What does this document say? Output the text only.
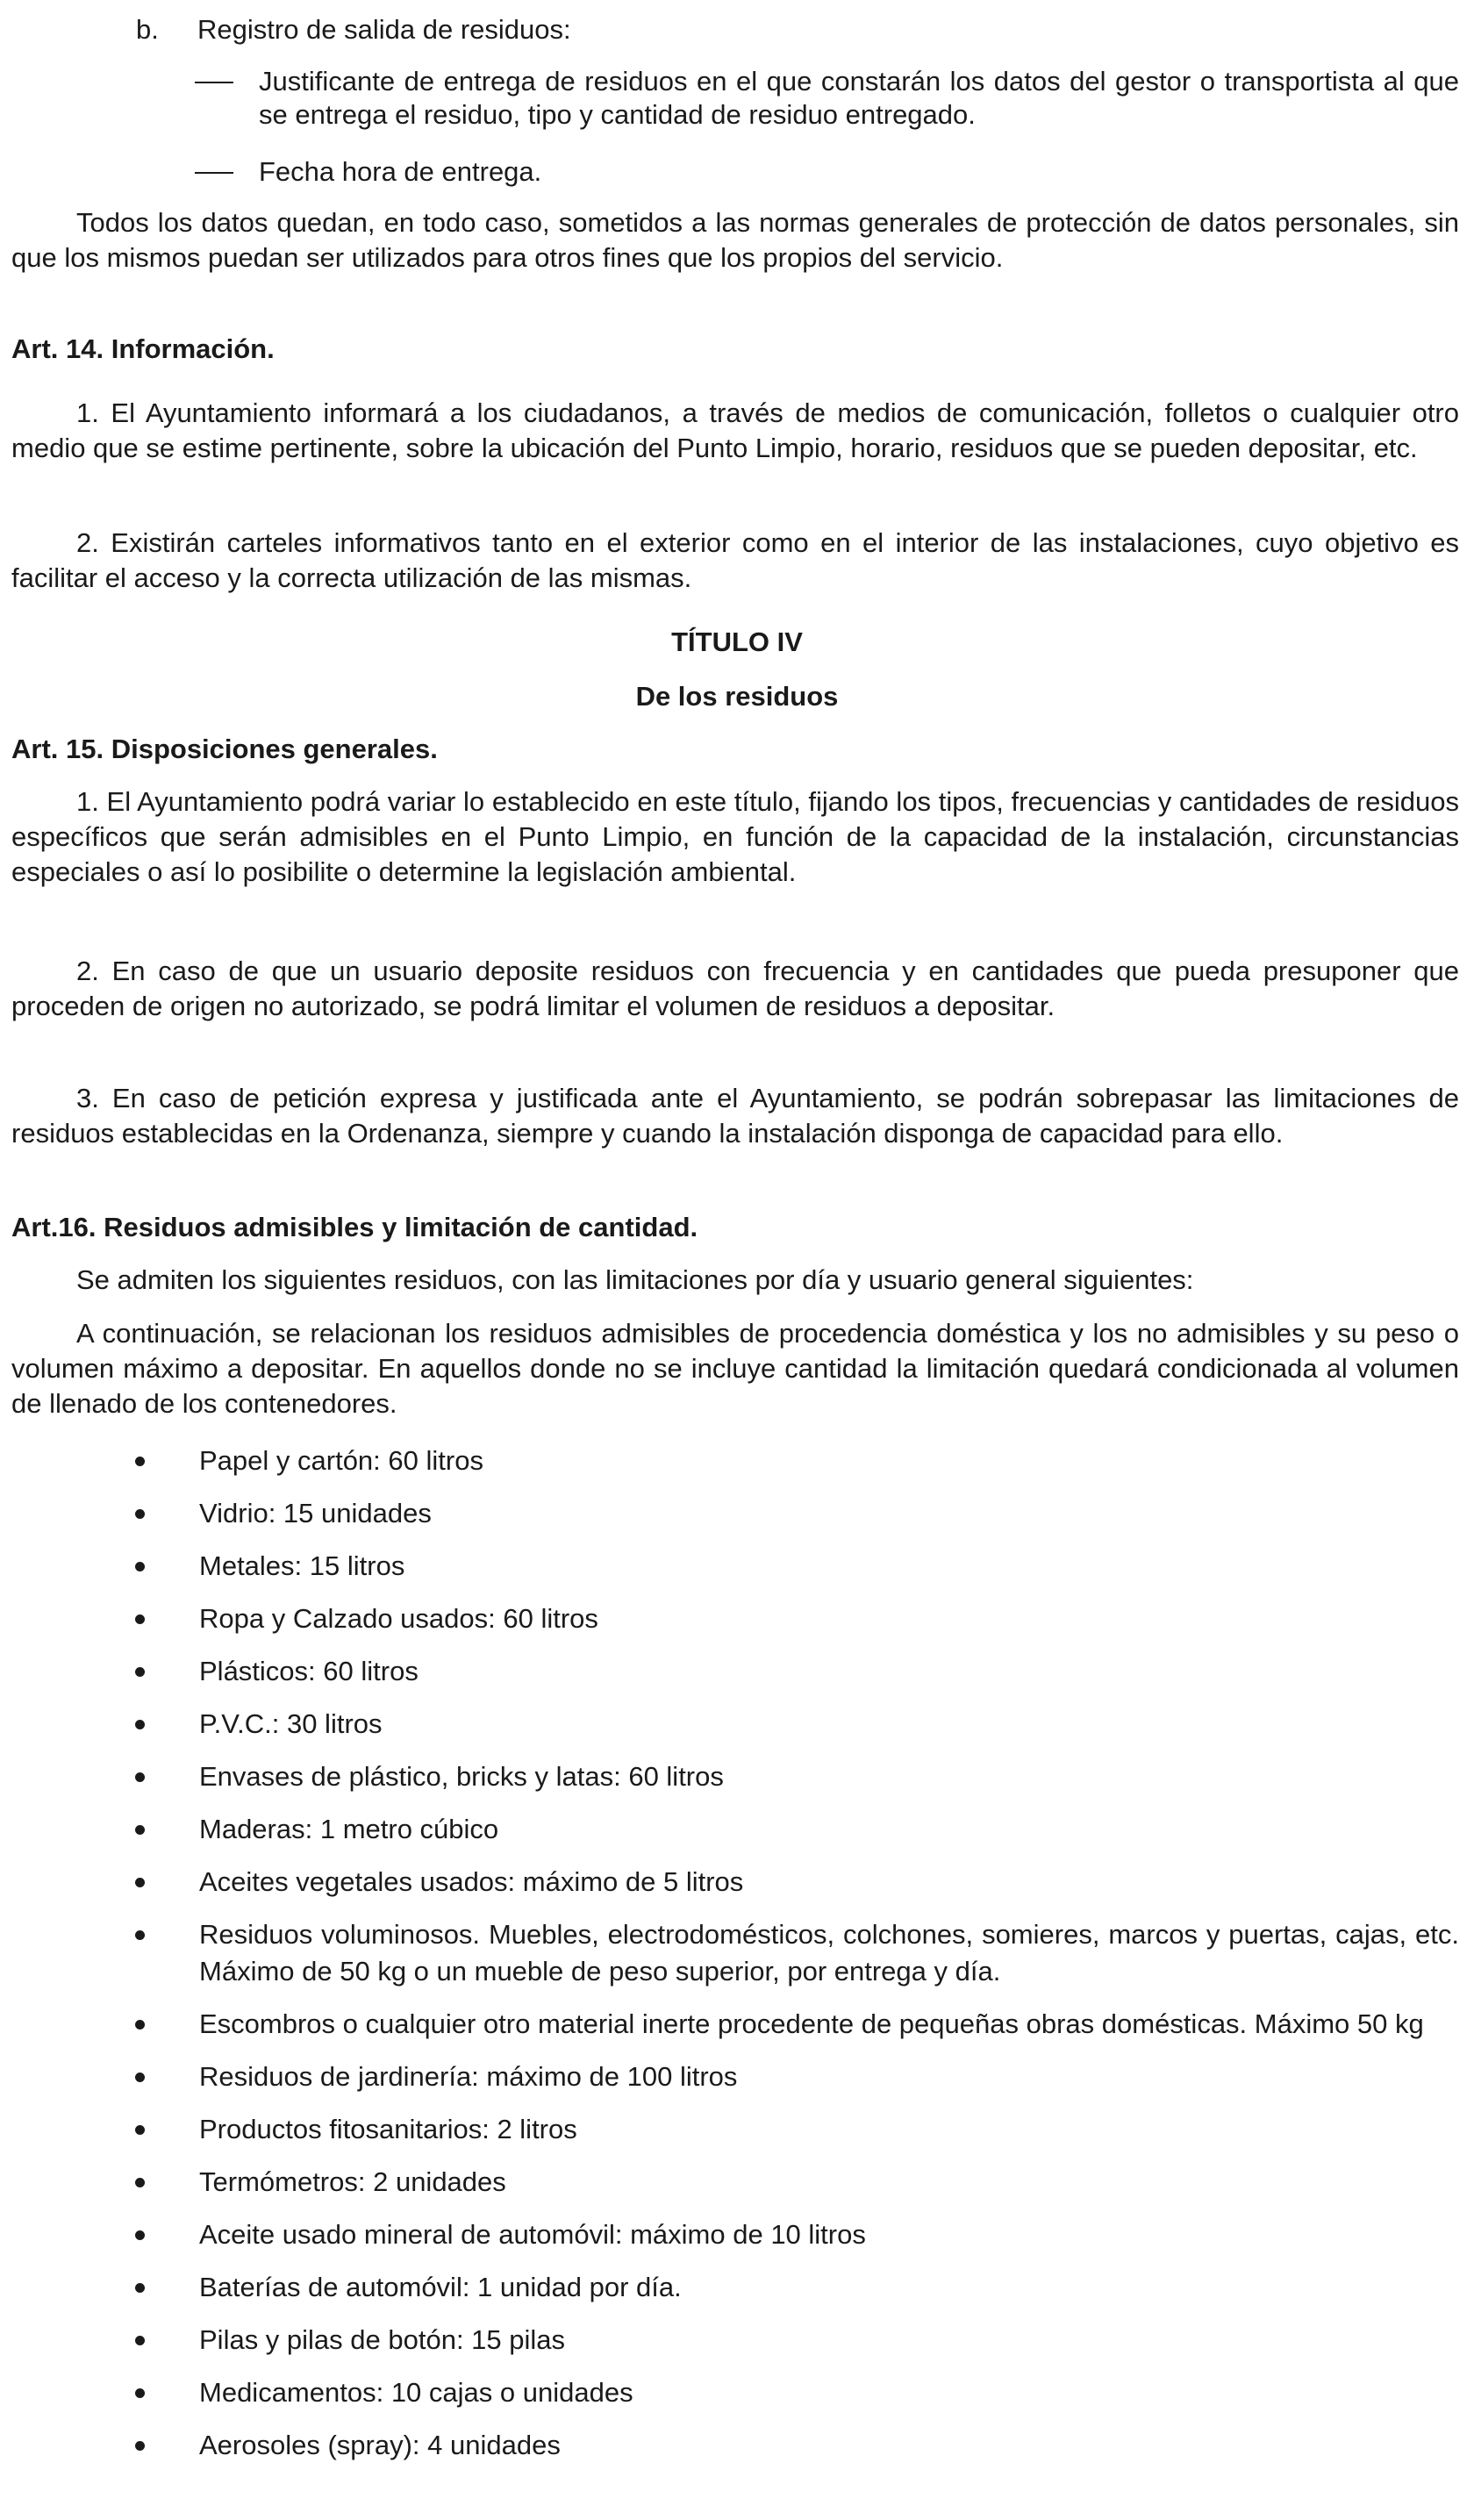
b. Registro de salida de residuos:
Justificante de entrega de residuos en el que constarán los datos del gestor o transportista al que se entrega el residuo, tipo y cantidad de residuo entregado.
Fecha hora de entrega.

Todos los datos quedan, en todo caso, sometidos a las normas generales de protección de datos personales, sin que los mismos puedan ser utilizados para otros fines que los propios del servicio.

Art. 14. Información.

1. El Ayuntamiento informará a los ciudadanos, a través de medios de comunicación, folletos o cualquier otro medio que se estime pertinente, sobre la ubicación del Punto Limpio, horario, residuos que se pueden depositar, etc.

2. Existirán carteles informativos tanto en el exterior como en el interior de las instalaciones, cuyo objetivo es facilitar el acceso y la correcta utilización de las mismas.

TÍTULO IV
De los residuos
Art. 15. Disposiciones generales.

1. El Ayuntamiento podrá variar lo establecido en este título, fijando los tipos, frecuencias y cantidades de residuos específicos que serán admisibles en el Punto Limpio, en función de la capacidad de la instalación, circunstancias especiales o así lo posibilite o determine la legislación ambiental.

2. En caso de que un usuario deposite residuos con frecuencia y en cantidades que pueda presuponer que proceden de origen no autorizado, se podrá limitar el volumen de residuos a depositar.

3. En caso de petición expresa y justificada ante el Ayuntamiento, se podrán sobrepasar las limitaciones de residuos establecidas en la Ordenanza, siempre y cuando la instalación disponga de capacidad para ello.

Art.16. Residuos admisibles y limitación de cantidad.

Se admiten los siguientes residuos, con las limitaciones por día y usuario general siguientes:

A continuación, se relacionan los residuos admisibles de procedencia doméstica y los no admisibles y su peso o volumen máximo a depositar. En aquellos donde no se incluye cantidad la limitación quedará condicionada al volumen de llenado de los contenedores.

Papel y cartón: 60 litros
Vidrio: 15 unidades
Metales: 15 litros
Ropa y Calzado usados: 60 litros
Plásticos: 60 litros
P.V.C.: 30 litros
Envases de plástico, bricks y latas: 60 litros
Maderas: 1 metro cúbico
Aceites vegetales usados: máximo de 5 litros
Residuos voluminosos. Muebles, electrodomésticos, colchones, somieres, marcos y puertas, cajas, etc. Máximo de 50 kg o un mueble de peso superior, por entrega y día.
Escombros o cualquier otro material inerte procedente de pequeñas obras domésticas. Máximo 50 kg
Residuos de jardinería: máximo de 100 litros
Productos fitosanitarios: 2 litros
Termómetros: 2 unidades
Aceite usado mineral de automóvil: máximo de 10 litros
Baterías de automóvil: 1 unidad por día.
Pilas y pilas de botón: 15 pilas
Medicamentos: 10 cajas o unidades
Aerosoles (spray): 4 unidades
